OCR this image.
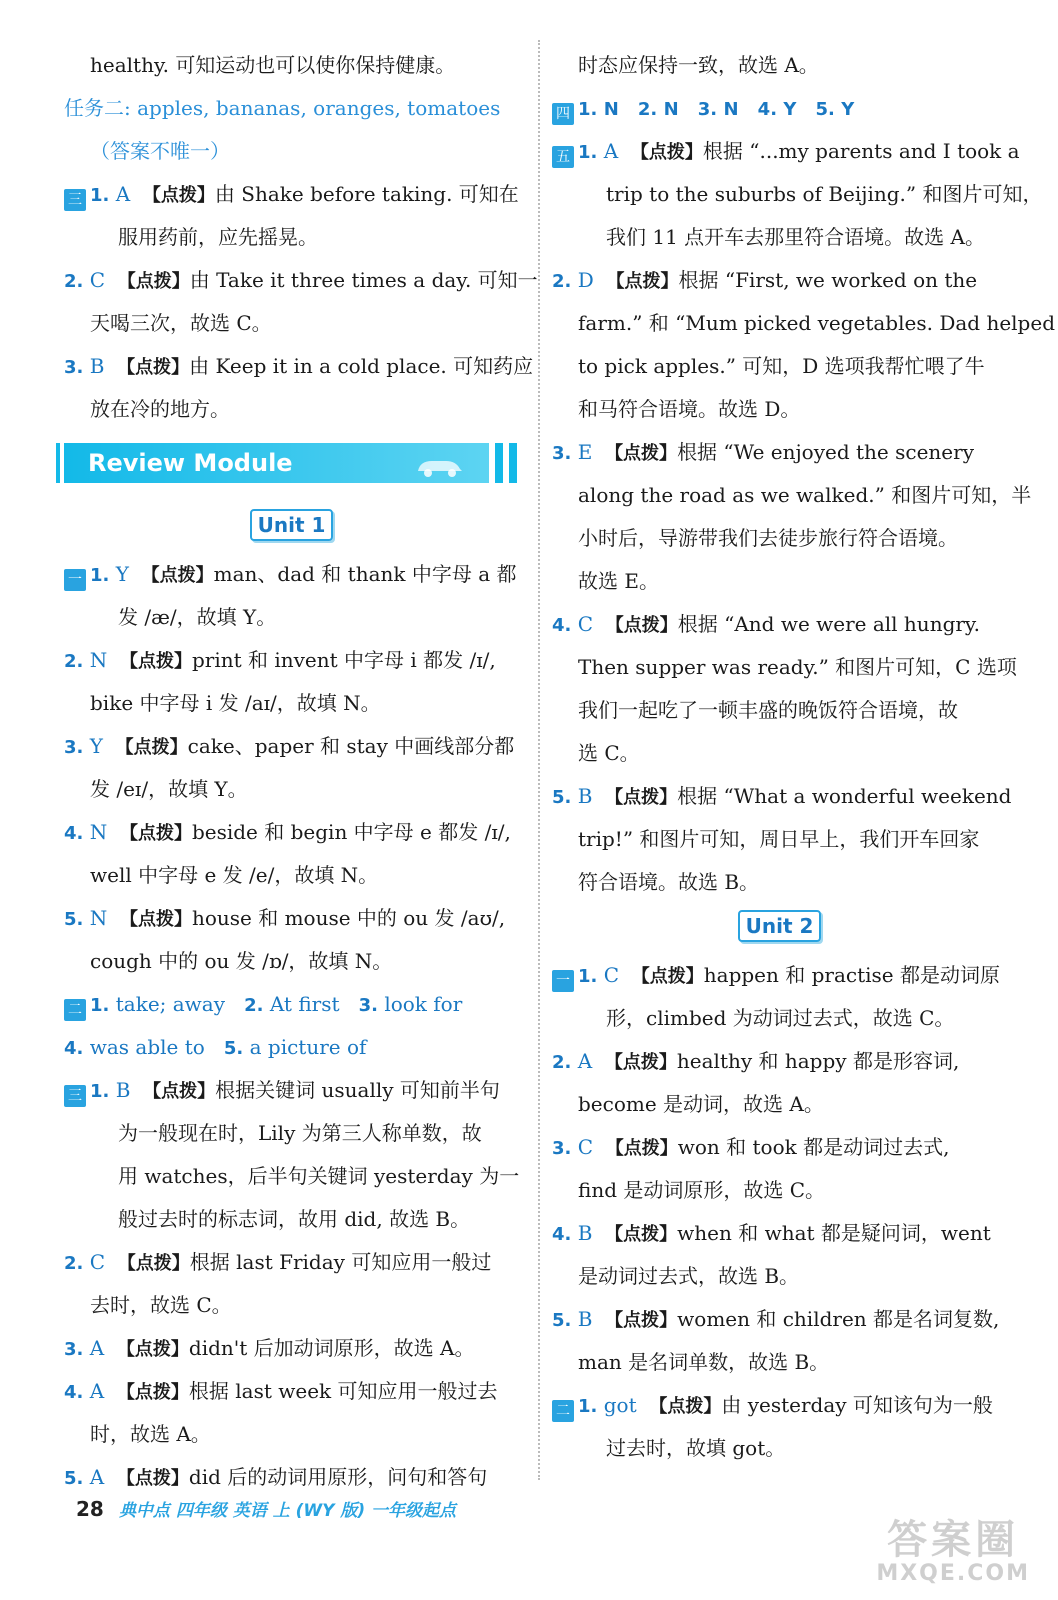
healthy. 可知运动也可以使你保持健康。
任务二: apples, bananas, oranges, tomatoes
（答案不唯一）
三 1. A 【点拨】由 Shake before taking. 可知在
服用药前，应先摇晃。
2. C 【点拨】由 Take it three times a day. 可知一
天喝三次，故选 C。
3. B 【点拨】由 Keep it in a cold place. 可知药应
放在冷的地方。
Review Module
Unit 1
一 1. Y 【点拨】man、dad 和 thank 中字母 a 都
发 /æ/，故填 Y。
2. N 【点拨】print 和 invent 中字母 i 都发 /ɪ/,
bike 中字母 i 发 /aɪ/，故填 N。
3. Y 【点拨】cake、paper 和 stay 中画线部分都
发 /eɪ/，故填 Y。
4. N 【点拨】beside 和 begin 中字母 e 都发 /ɪ/,
well 中字母 e 发 /e/，故填 N。
5. N 【点拨】house 和 mouse 中的 ou 发 /aʊ/,
cough 中的 ou 发 /ɒ/，故填 N。
二 1. take; away 2. At first 3. look for
4. was able to 5. a picture of
三 1. B 【点拨】根据关键词 usually 可知前半句
为一般现在时，Lily 为第三人称单数，故
用 watches，后半句关键词 yesterday 为一
般过去时的标志词，故用 did, 故选 B。
2. C 【点拨】根据 last Friday 可知应用一般过
去时，故选 C。
3. A 【点拨】didn't 后加动词原形，故选 A。
4. A 【点拨】根据 last week 可知应用一般过去
时，故选 A。
5. A 【点拨】did 后的动词用原形，问句和答句
时态应保持一致，故选 A。
四 1. N 2. N 3. N 4. Y 5. Y
五 1. A 【点拨】根据 “...my parents and I took a
trip to the suburbs of Beijing.” 和图片可知，
我们 11 点开车去那里符合语境。故选 A。
2. D 【点拨】根据 “First, we worked on the
farm.” 和 “Mum picked vegetables. Dad helped
to pick apples.” 可知，D 选项我帮忙喂了牛
和马符合语境。故选 D。
3. E 【点拨】根据 “We enjoyed the scenery
along the road as we walked.” 和图片可知，半
小时后，导游带我们去徒步旅行符合语境。
故选 E。
4. C 【点拨】根据 “And we were all hungry.
Then supper was ready.” 和图片可知，C 选项
我们一起吃了一顿丰盛的晚饭符合语境，故
选 C。
5. B 【点拨】根据 “What a wonderful weekend
trip!” 和图片可知，周日早上，我们开车回家
符合语境。故选 B。
Unit 2
一 1. C 【点拨】happen 和 practise 都是动词原
形，climbed 为动词过去式，故选 C。
2. A 【点拨】healthy 和 happy 都是形容词,
become 是动词，故选 A。
3. C 【点拨】won 和 took 都是动词过去式,
find 是动词原形，故选 C。
4. B 【点拨】when 和 what 都是疑问词，went
是动词过去式，故选 B。
5. B 【点拨】women 和 children 都是名词复数,
man 是名词单数，故选 B。
二 1. got 【点拨】由 yesterday 可知该句为一般
过去时，故填 got。
28 典中点 四年级 英语 上 (WY 版) 一年级起点
答案圈
MXQE.COM
